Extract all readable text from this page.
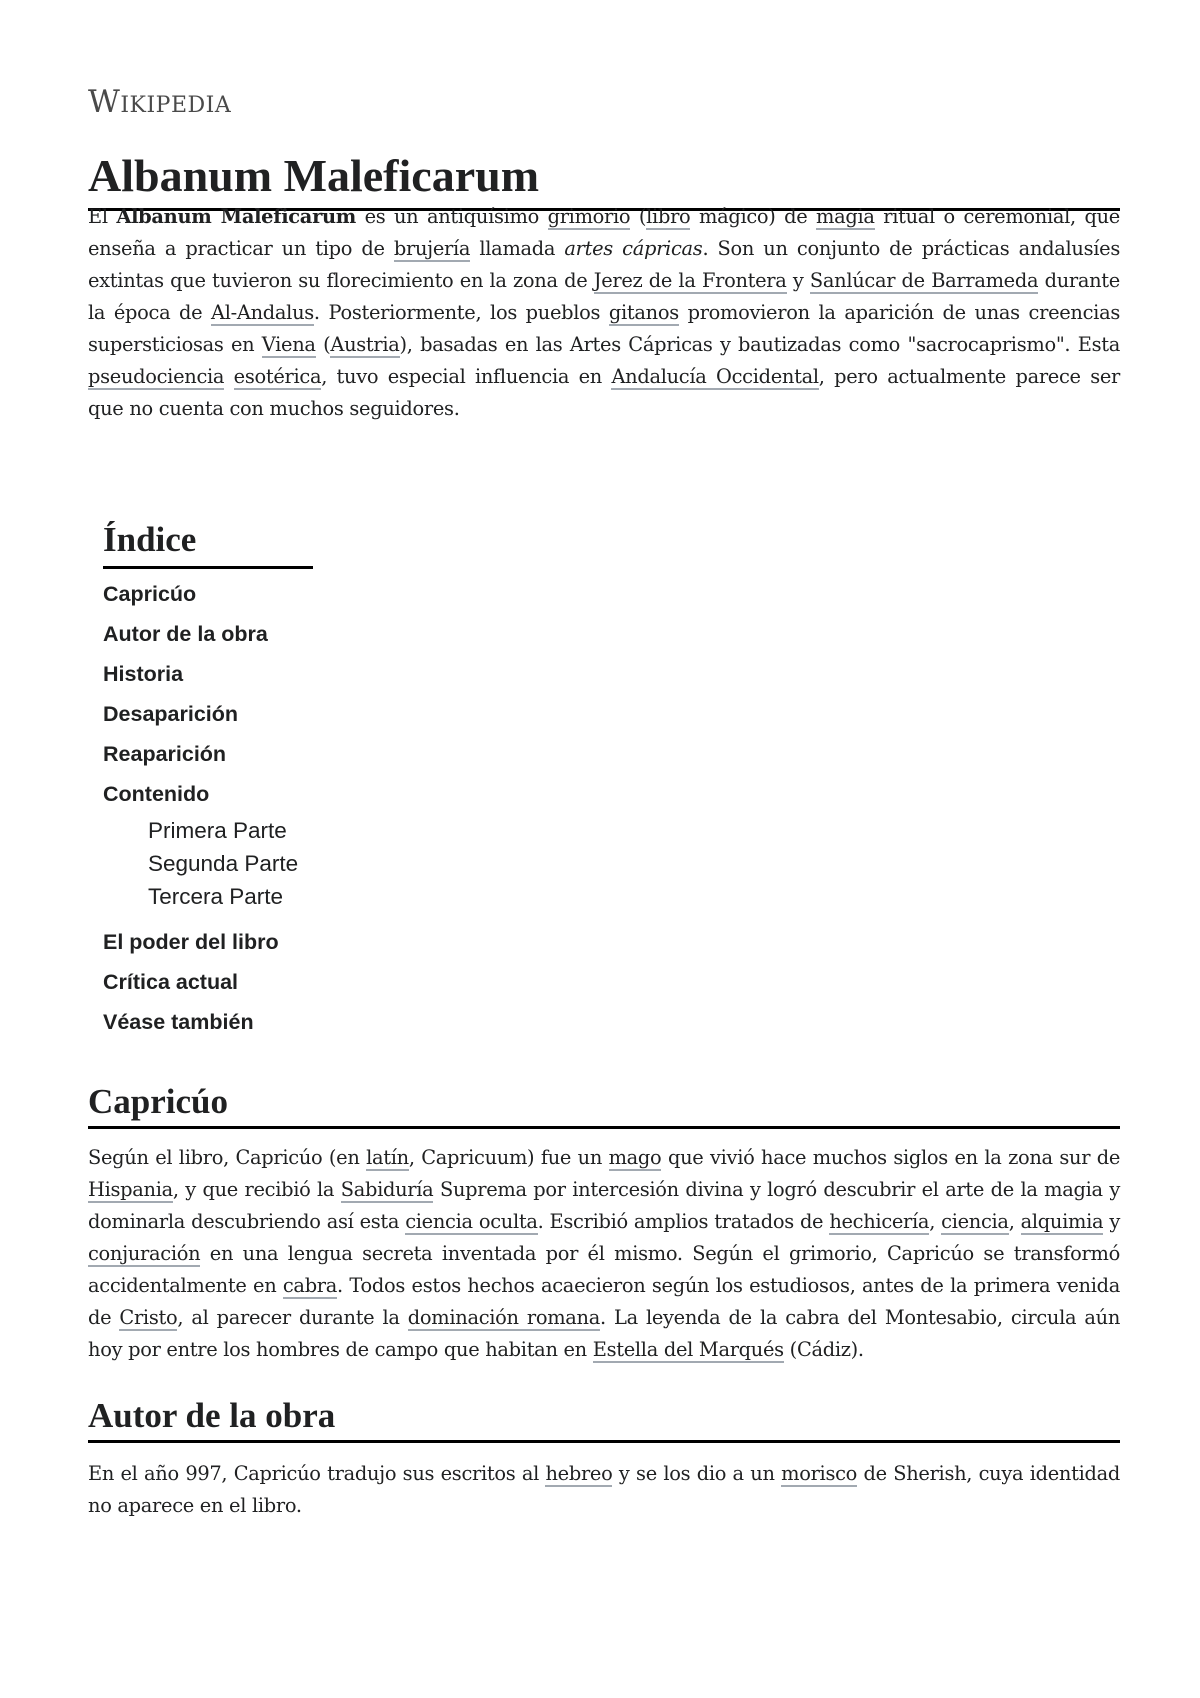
Wikipedia
Albanum Maleficarum

El Albanum Maleficarum es un antiquísimo grimorio (libro mágico) de magia ritual o ceremonial, que enseña a practicar un tipo de brujería llamada artes cápricas. Son un conjunto de prácticas andalusíes extintas que tuvieron su florecimiento en la zona de Jerez de la Frontera y Sanlúcar de Barrameda durante la época de Al-Andalus. Posteriormente, los pueblos gitanos promovieron la aparición de unas creencias supersticiosas en Viena (Austria), basadas en las Artes Cápricas y bautizadas como "sacrocaprismo". Esta pseudociencia esotérica, tuvo especial influencia en Andalucía Occidental, pero actualmente parece ser que no cuenta con muchos seguidores.

Índice
Capricúo
Autor de la obra
Historia
Desaparición
Reaparición
Contenido
Primera Parte
Segunda Parte
Tercera Parte
El poder del libro
Crítica actual
Véase también
Capricúo

Según el libro, Capricúo (en latín, Capricuum) fue un mago que vivió hace muchos siglos en la zona sur de Hispania, y que recibió la Sabiduría Suprema por intercesión divina y logró descubrir el arte de la magia y dominarla descubriendo así esta ciencia oculta. Escribió amplios tratados de hechicería, ciencia, alquimia y conjuración en una lengua secreta inventada por él mismo. Según el grimorio, Capricúo se transformó accidentalmente en cabra. Todos estos hechos acaecieron según los estudiosos, antes de la primera venida de Cristo, al parecer durante la dominación romana. La leyenda de la cabra del Montesabio, circula aún hoy por entre los hombres de campo que habitan en Estella del Marqués (Cádiz).

Autor de la obra

En el año 997, Capricúo tradujo sus escritos al hebreo y se los dio a un morisco de Sherish, cuya identidad no aparece en el libro.
